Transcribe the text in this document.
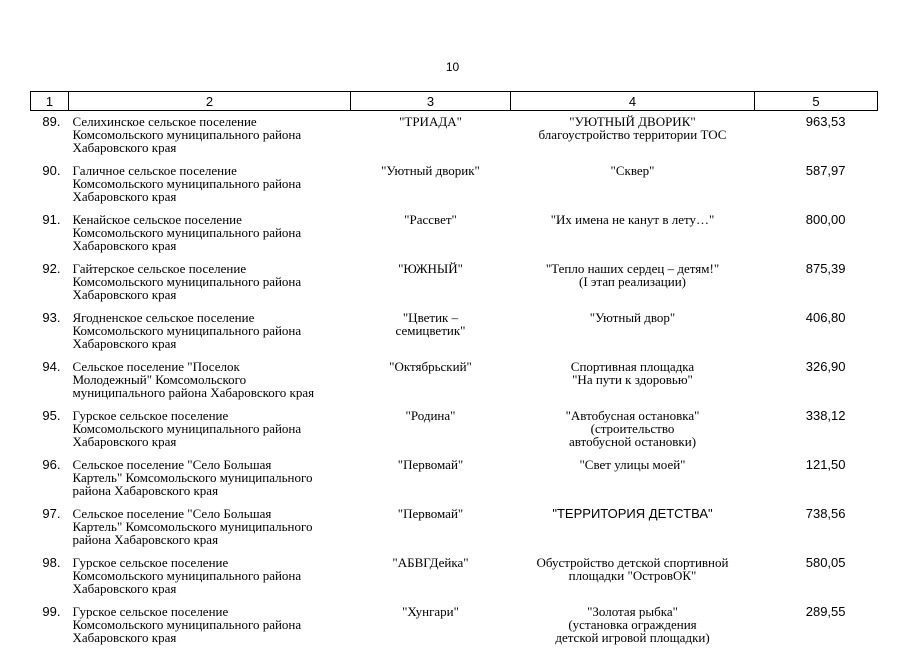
10
1	2	3	4	5
89.	Селихинское сельское поселение
Комсомольского муниципального района
Хабаровского края	"ТРИАДА"	"УЮТНЫЙ ДВОРИК"
благоустройство территории ТОС	963,53
90.	Галичное сельское поселение
Комсомольского муниципального района
Хабаровского края	"Уютный дворик"	"Сквер"	587,97
91.	Кенайское сельское поселение
Комсомольского муниципального района
Хабаровского края	"Рассвет"	"Их имена не канут в лету…"	800,00
92.	Гайтерское сельское поселение
Комсомольского муниципального района
Хабаровского края	"ЮЖНЫЙ"	"Тепло наших сердец – детям!"
(I этап реализации)	875,39
93.	Ягодненское сельское поселение
Комсомольского муниципального района
Хабаровского края	"Цветик –
семицветик"	"Уютный двор"	406,80
94.	Сельское поселение "Поселок
Молодежный" Комсомольского
муниципального района Хабаровского края	"Октябрьский"	Спортивная площадка
"На пути к здоровью"	326,90
95.	Гурское сельское поселение
Комсомольского муниципального района
Хабаровского края	"Родина"	"Автобусная остановка"
(строительство
автобусной остановки)	338,12
96.	Сельское поселение "Село Большая
Картель" Комсомольского муниципального
района Хабаровского края	"Первомай"	"Свет улицы моей"	121,50
97.	Сельское поселение "Село Большая
Картель" Комсомольского муниципального
района Хабаровского края	"Первомай"	"ТЕРРИТОРИЯ ДЕТСТВА"	738,56
98.	Гурское сельское поселение
Комсомольского муниципального района
Хабаровского края	"АБВГДейка"	Обустройство детской спортивной
площадки "ОстровОК"	580,05
99.	Гурское сельское поселение
Комсомольского муниципального района
Хабаровского края	"Хунгари"	"Золотая рыбка"
(установка ограждения
детской игровой площадки)	289,55
